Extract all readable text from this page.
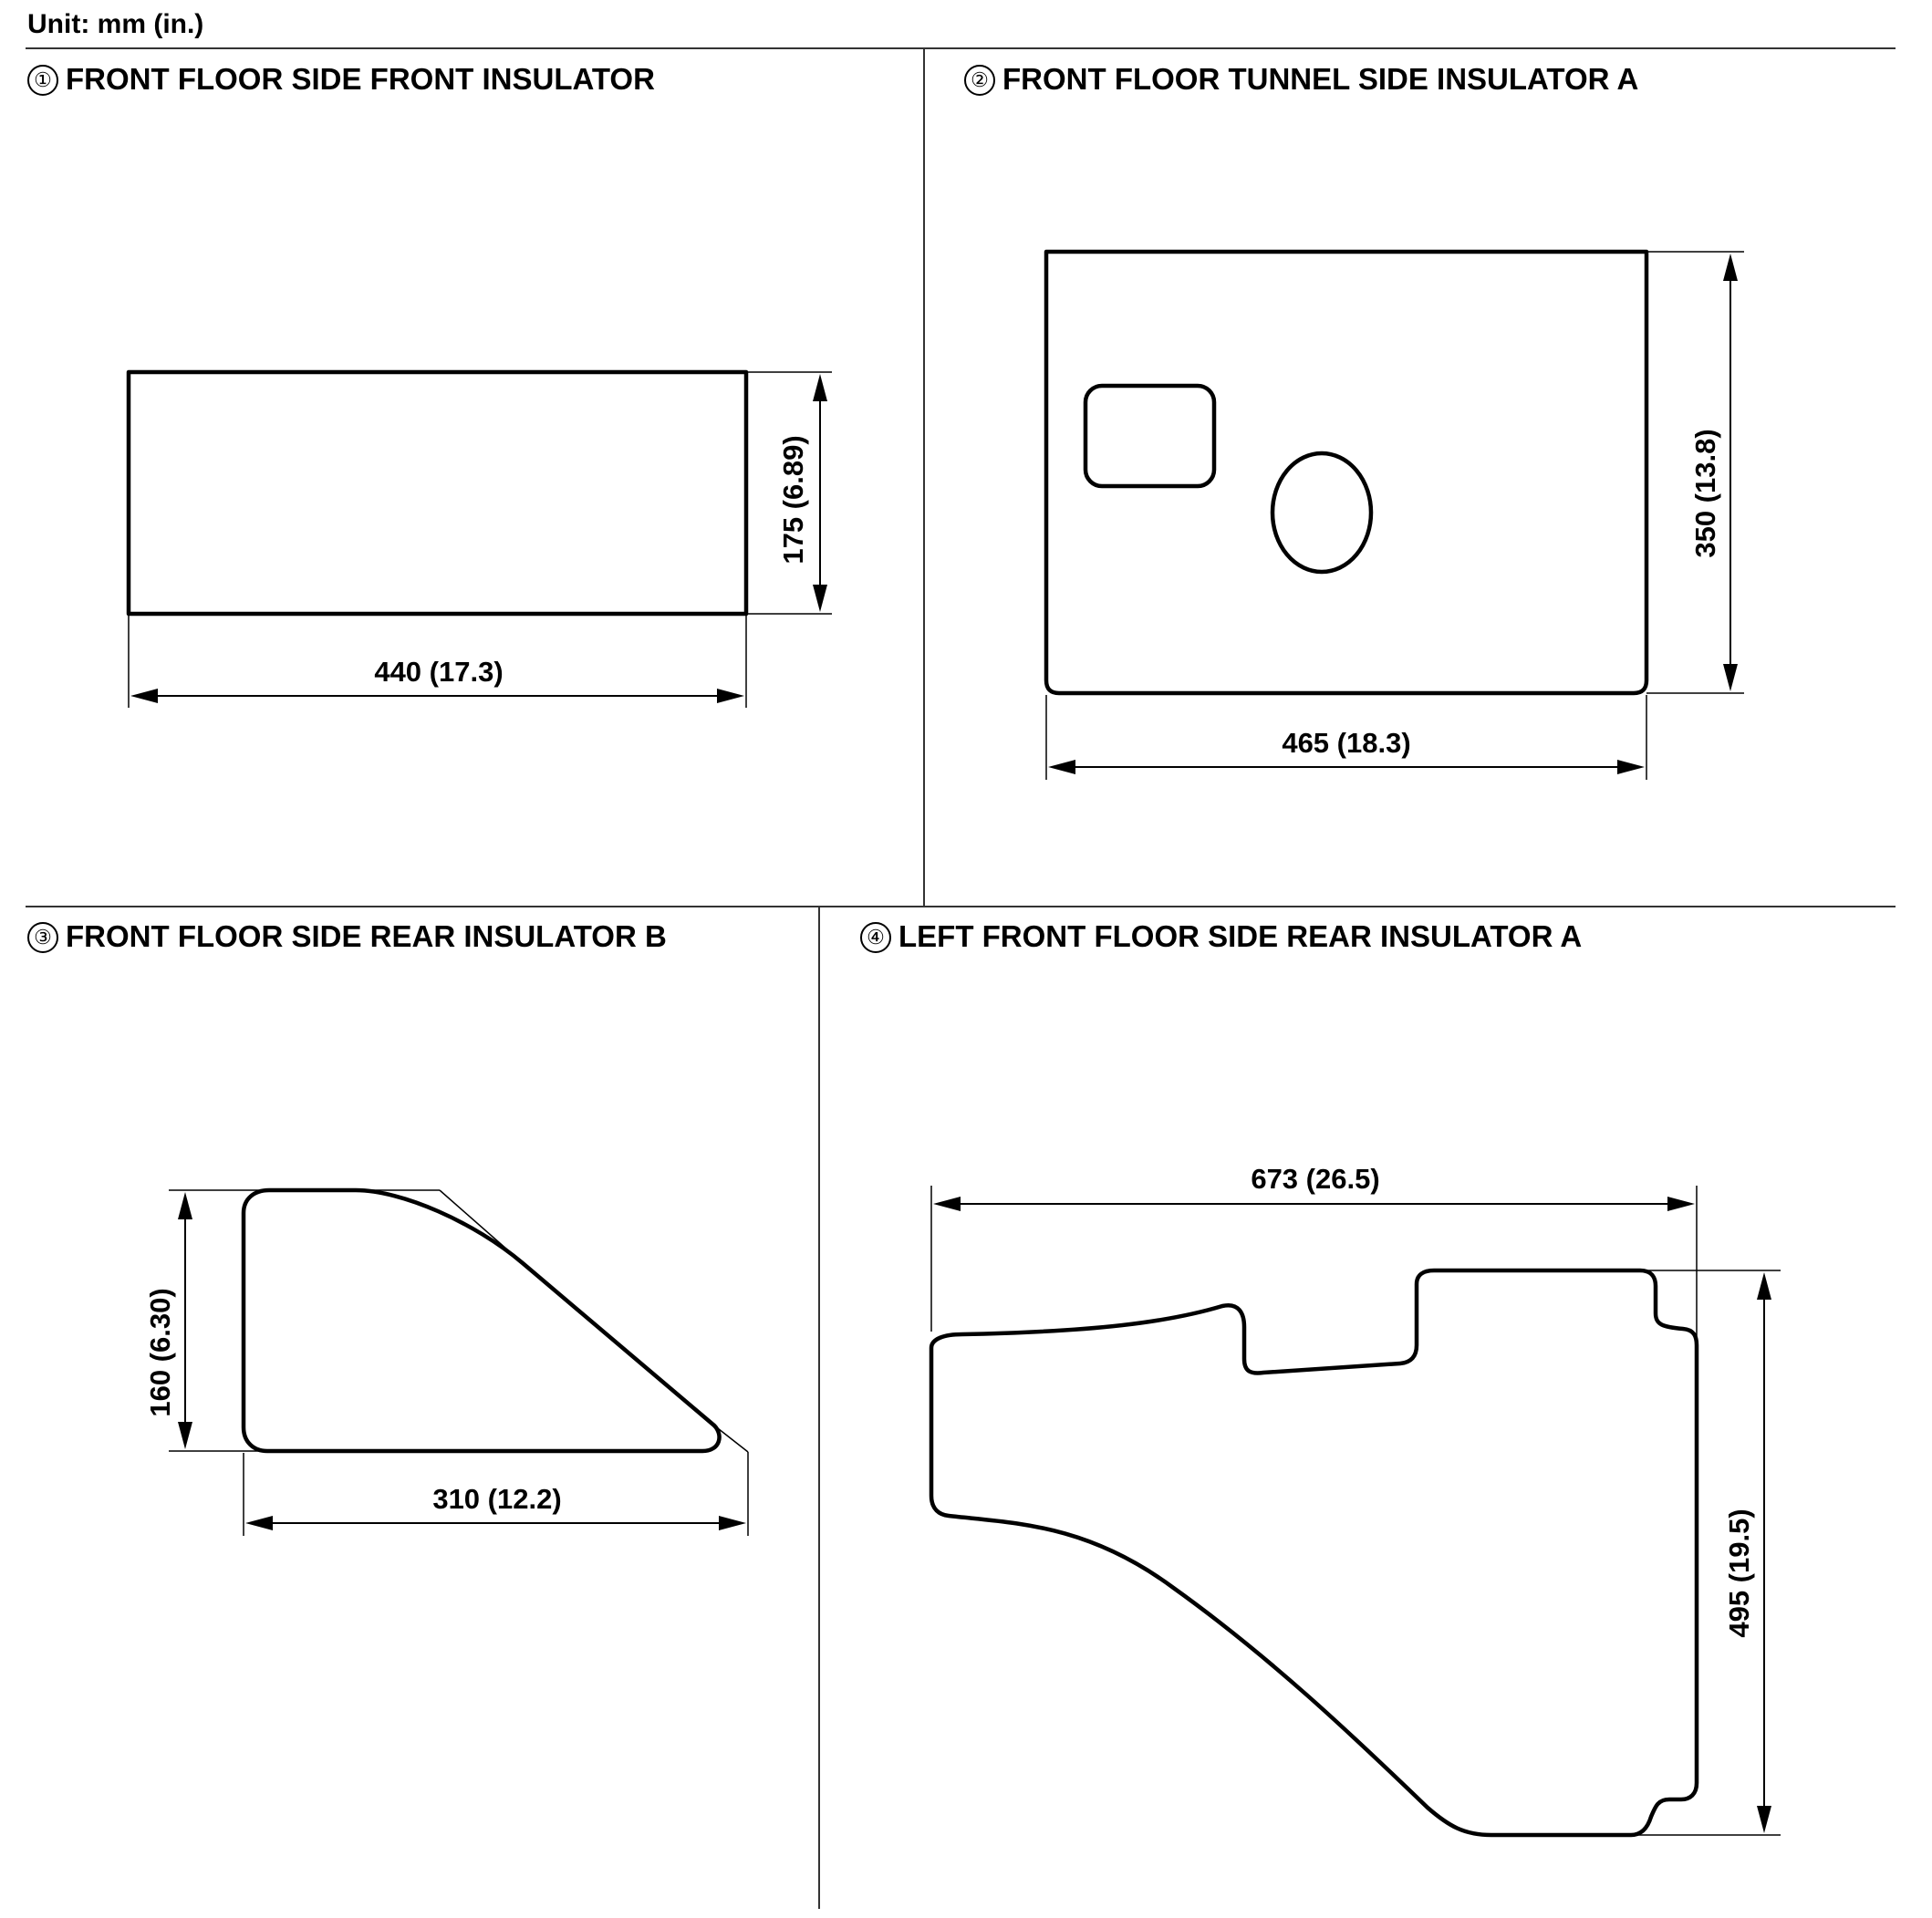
Unit: mm (in.)
① FRONT FLOOR SIDE FRONT INSULATOR	② FRONT FLOOR TUNNEL SIDE INSULATOR A
③ FRONT FLOOR SIDE REAR INSULATOR B	④ LEFT FRONT FLOOR SIDE REAR INSULATOR A
175 (6.89)
440 (17.3)
350 (13.8)
465 (18.3)
160 (6.30)
310 (12.2)
673 (26.5)
495 (19.5)
